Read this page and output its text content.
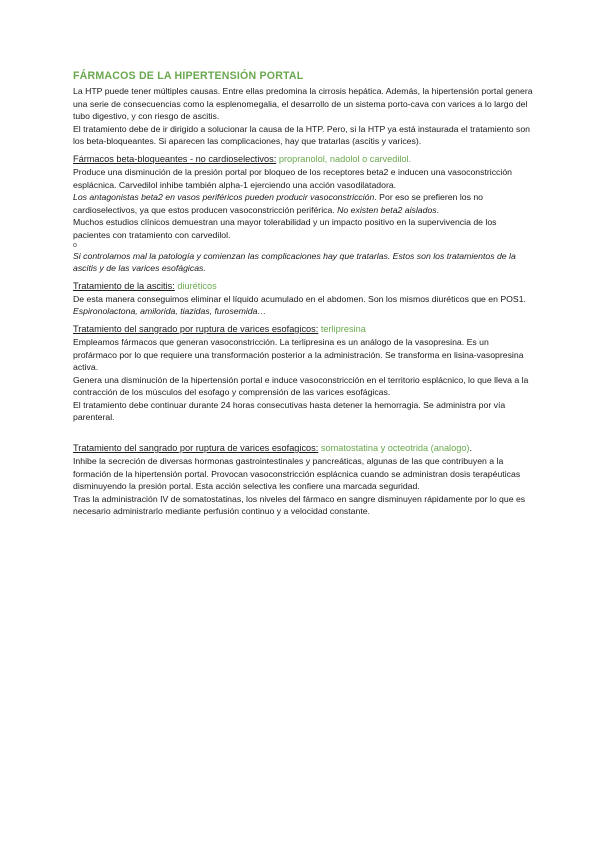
FÁRMACOS DE LA HIPERTENSIÓN PORTAL

La HTP puede tener múltiples causas. Entre ellas predomina la cirrosis hepática. Además, la hipertensión portal genera una serie de consecuencias como la esplenomegalia, el desarrollo de un sistema porto-cava con varices a lo largo del tubo digestivo, y con riesgo de ascitis.

El tratamiento debe de ir dirigido a solucionar la causa de la HTP. Pero, si la HTP ya está instaurada el tratamiento son los beta-bloqueantes. Si aparecen las complicaciones, hay que tratarlas (ascitis y varices).

Fármacos beta-bloqueantes - no cardioselectivos: propranolol, nadolol o carvedilol.

Produce una disminución de la presión portal por bloqueo de los receptores beta2 e inducen una vasoconstricción esplácnica. Carvedilol inhibe también alpha-1 ejerciendo una acción vasodilatadora.

Los antagonistas beta2 en vasos periféricos pueden producir vasoconstricción. Por eso se prefieren los no cardioselectivos, ya que estos producen vasoconstricción periférica. No existen beta2 aislados.

Muchos estudios clínicos demuestran una mayor tolerabilidad y un impacto positivo en la supervivencia de los pacientes con tratamiento con carvedilol.

o

Si controlamos mal la patología y comienzan las complicaciones hay que tratarlas. Estos son los tratamientos de la ascitis y de las varices esofágicas.

Tratamiento de la ascitis: diuréticos

De esta manera conseguimos eliminar el líquido acumulado en el abdomen. Son los mismos diuréticos que en POS1. Espironolactona, amilorida, tiazidas, furosemida…

Tratamiento del sangrado por ruptura de varices esofagicos: terlipresina

Empleamos fármacos que generan vasoconstricción. La terlipresina es un análogo de la vasopresina. Es un profármaco por lo que requiere una transformación posterior a la administración. Se transforma en lisina-vasopresina activa.

Genera una disminución de la hipertensión portal e induce vasoconstricción en el territorio esplácnico, lo que lleva a la contracción de los músculos del esofago y comprensión de las varices esofágicas.

El tratamiento debe continuar durante 24 horas consecutivas hasta detener la hemorragia. Se administra por vía parenteral.

Tratamiento del sangrado por ruptura de varices esofagicos: somatostatina y octeotrida (analogo).

Inhibe la secreción de diversas hormonas gastrointestinales y pancreáticas, algunas de las que contribuyen a la formación de la hipertensión portal. Provocan vasoconstricción esplácnica cuando se administran dosis terapéuticas disminuyendo la presión portal. Esta acción selectiva les confiere una marcada seguridad.

Tras la administración IV de somatostatinas, los niveles del fármaco en sangre disminuyen rápidamente por lo que es necesario administrarlo mediante perfusión continuo y a velocidad constante.
